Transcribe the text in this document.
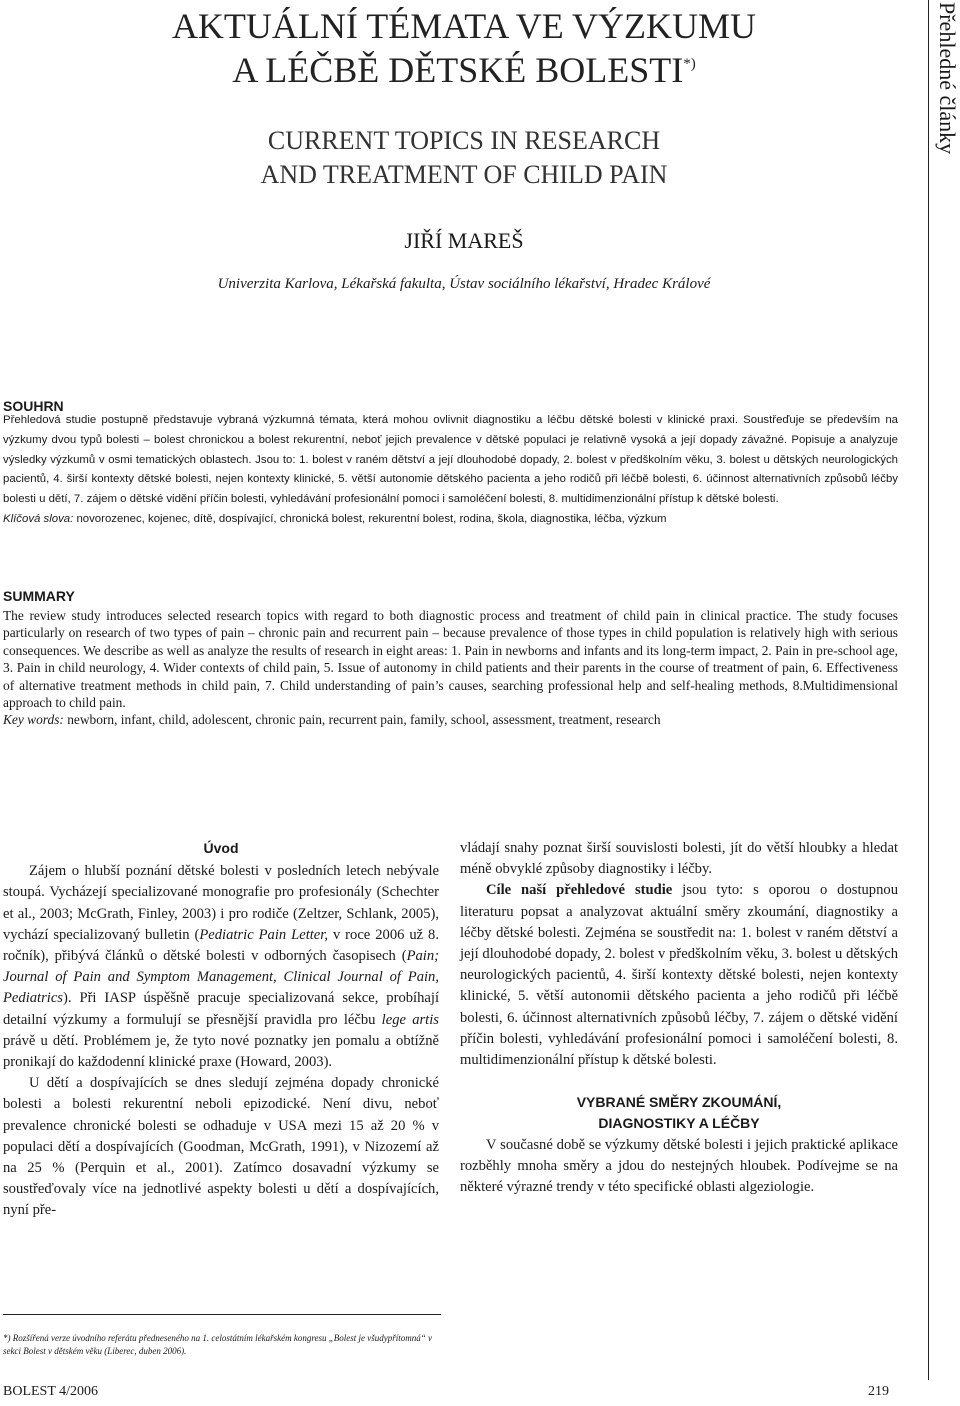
Přehledné články
AKTUÁLNÍ TÉMATA VE VÝZKUMU
A LÉČBĚ DĚTSKÉ BOLESTI*)
CURRENT TOPICS IN RESEARCH
AND TREATMENT OF CHILD PAIN
JIŘÍ MAREŠ
Univerzita Karlova, Lékařská fakulta, Ústav sociálního lékařství, Hradec Králové
SOUHRN
Přehledová studie postupně představuje vybraná výzkumná témata, která mohou ovlivnit diagnostiku a léčbu dětské bolesti v klinické praxi. Soustřeďuje se především na výzkumy dvou typů bolesti – bolest chronickou a bolest rekurentní, neboť jejich prevalence v dětské populaci je relativně vysoká a její dopady závažné. Popisuje a analyzuje výsledky výzkumů v osmi tematických oblastech. Jsou to: 1. bolest v raném dětství a její dlouhodobé dopady, 2. bolest v předškolním věku, 3. bolest u dětských neurologických pacientů, 4. širší kontexty dětské bolesti, nejen kontexty klinické, 5. větší autonomie dětského pacienta a jeho rodičů při léčbě bolesti, 6. účinnost alternativních způsobů léčby bolesti u dětí, 7. zájem o dětské vidění příčin bolesti, vyhledávání profesionální pomoci i samoléčení bolesti, 8. multidimenzionální přístup k dětské bolesti.
Klíčová slova: novorozenec, kojenec, dítě, dospívající, chronická bolest, rekurentní bolest, rodina, škola, diagnostika, léčba, výzkum
SUMMARY
The review study introduces selected research topics with regard to both diagnostic process and treatment of child pain in clinical practice. The study focuses particularly on research of two types of pain – chronic pain and recurrent pain – because prevalence of those types in child population is relatively high with serious consequences. We describe as well as analyze the results of research in eight areas: 1. Pain in newborns and infants and its long-term impact, 2. Pain in pre-school age, 3. Pain in child neurology, 4. Wider contexts of child pain, 5. Issue of autonomy in child patients and their parents in the course of treatment of pain, 6. Effectiveness of alternative treatment methods in child pain, 7. Child understanding of pain’s causes, searching professional help and self-healing methods, 8.Multidimensional approach to child pain.
Key words: newborn, infant, child, adolescent, chronic pain, recurrent pain, family, school, assessment, treatment, research
Úvod

Zájem o hlubší poznání dětské bolesti v posledních letech nebývale stoupá. Vycházejí specializované monografie pro profesionály (Schechter et al., 2003; McGrath, Finley, 2003) i pro rodiče (Zeltzer, Schlank, 2005), vychází specializovaný bulletin (Pediatric Pain Letter, v roce 2006 už 8. ročník), přibývá článků o dětské bolesti v odborných časopisech (Pain; Journal of Pain and Symptom Management, Clinical Journal of Pain, Pediatrics). Při IASP úspěšně pracuje specializovaná sekce, probíhají detailní výzkumy a formulují se přesnější pravidla pro léčbu lege artis právě u dětí. Problémem je, že tyto nové poznatky jen pomalu a obtížně pronikají do každodenní klinické praxe (Howard, 2003).

U dětí a dospívajících se dnes sledují zejména dopady chronické bolesti a bolesti rekurentní neboli epizodické. Není divu, neboť prevalence chronické bolesti se odhaduje v USA mezi 15 až 20 % v populaci dětí a dospívajících (Goodman, McGrath, 1991), v Nizozemí až na 25 % (Perquin et al., 2001). Zatímco dosavadní výzkumy se soustřeďovaly více na jednotlivé aspekty bolesti u dětí a dospívajících, nyní pře-

vládají snahy poznat širší souvislosti bolesti, jít do větší hloubky a hledat méně obvyklé způsoby diagnostiky i léčby.

Cíle naší přehledové studie jsou tyto: s oporou o dostupnou literaturu popsat a analyzovat aktuální směry zkoumání, diagnostiky a léčby dětské bolesti. Zejména se soustředit na: 1. bolest v raném dětství a její dlouhodobé dopady, 2. bolest v předškolním věku, 3. bolest u dětských neurologických pacientů, 4. širší kontexty dětské bolesti, nejen kontexty klinické, 5. větší autonomii dětského pacienta a jeho rodičů při léčbě bolesti, 6. účinnost alternativních způsobů léčby, 7. zájem o dětské vidění příčin bolesti, vyhledávání profesionální pomoci i samoléčení bolesti, 8. multidimenzionální přístup k dětské bolesti.

VYBRANÉ SMĚRY ZKOUMÁNÍ,
DIAGNOSTIKY A LÉČBY

V současné době se výzkumy dětské bolesti i jejich praktické aplikace rozběhly mnoha směry a jdou do nestejných hloubek. Podívejme se na některé výrazné trendy v této specifické oblasti algeziologie.

*) Rozšířená verze úvodního referátu předneseného na 1. celostátním lékařském kongresu „Bolest je všudypřítomná“ v sekci Bolest v dětském věku (Liberec, duben 2006).
BOLEST 4/2006	219
